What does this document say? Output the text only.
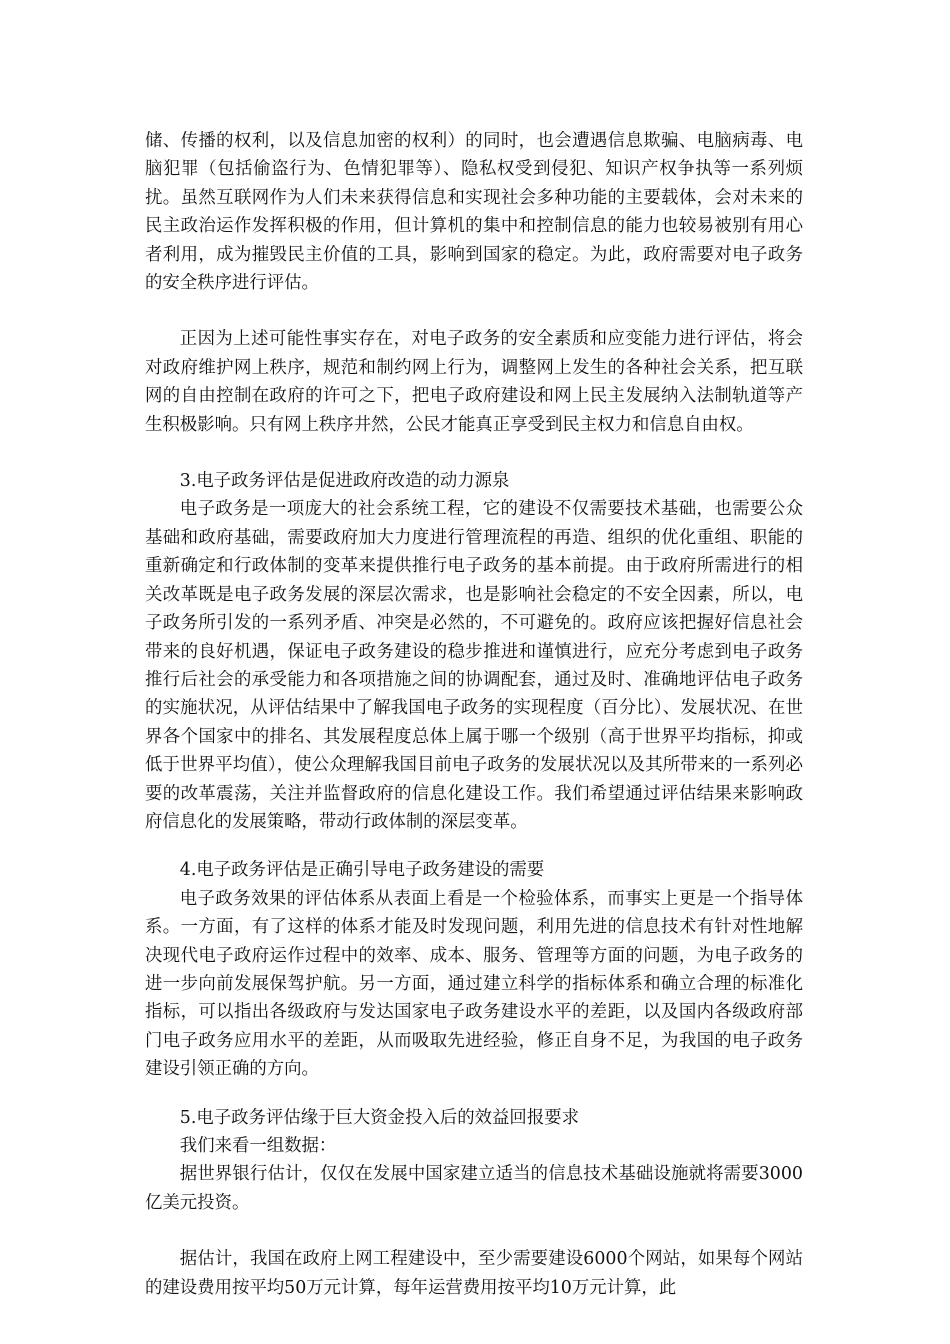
储、传播的权利，以及信息加密的权利）的同时，也会遭遇信息欺骗、电脑病毒、电脑犯罪（包括偷盗行为、色情犯罪等）、隐私权受到侵犯、知识产权争执等一系列烦扰。虽然互联网作为人们未来获得信息和实现社会多种功能的主要载体，会对未来的民主政治运作发挥积极的作用，但计算机的集中和控制信息的能力也较易被别有用心者利用，成为摧毁民主价值的工具，影响到国家的稳定。为此，政府需要对电子政务的安全秩序进行评估。

正因为上述可能性事实存在，对电子政务的安全素质和应变能力进行评估，将会对政府维护网上秩序，规范和制约网上行为，调整网上发生的各种社会关系，把互联网的自由控制在政府的许可之下，把电子政府建设和网上民主发展纳入法制轨道等产生积极影响。只有网上秩序井然，公民才能真正享受到民主权力和信息自由权。

3.电子政务评估是促进政府改造的动力源泉

电子政务是一项庞大的社会系统工程，它的建设不仅需要技术基础，也需要公众基础和政府基础，需要政府加大力度进行管理流程的再造、组织的优化重组、职能的重新确定和行政体制的变革来提供推行电子政务的基本前提。由于政府所需进行的相关改革既是电子政务发展的深层次需求，也是影响社会稳定的不安全因素，所以，电子政务所引发的一系列矛盾、冲突是必然的，不可避免的。政府应该把握好信息社会带来的良好机遇，保证电子政务建设的稳步推进和谨慎进行，应充分考虑到电子政务推行后社会的承受能力和各项措施之间的协调配套，通过及时、准确地评估电子政务的实施状况，从评估结果中了解我国电子政务的实现程度（百分比）、发展状况、在世界各个国家中的排名、其发展程度总体上属于哪一个级别（高于世界平均指标，抑或低于世界平均值），使公众理解我国目前电子政务的发展状况以及其所带来的一系列必要的改革震荡，关注并监督政府的信息化建设工作。我们希望通过评估结果来影响政府信息化的发展策略，带动行政体制的深层变革。

4.电子政务评估是正确引导电子政务建设的需要

电子政务效果的评估体系从表面上看是一个检验体系，而事实上更是一个指导体系。一方面，有了这样的体系才能及时发现问题，利用先进的信息技术有针对性地解决现代电子政府运作过程中的效率、成本、服务、管理等方面的问题，为电子政务的进一步向前发展保驾护航。另一方面，通过建立科学的指标体系和确立合理的标准化指标，可以指出各级政府与发达国家电子政务建设水平的差距，以及国内各级政府部门电子政务应用水平的差距，从而吸取先进经验，修正自身不足，为我国的电子政务建设引领正确的方向。

5.电子政务评估缘于巨大资金投入后的效益回报要求

我们来看一组数据：

据世界银行估计，仅仅在发展中国家建立适当的信息技术基础设施就将需要3000亿美元投资。

据估计，我国在政府上网工程建设中，至少需要建设6000个网站，如果每个网站的建设费用按平均50万元计算，每年运营费用按平均10万元计算，此
